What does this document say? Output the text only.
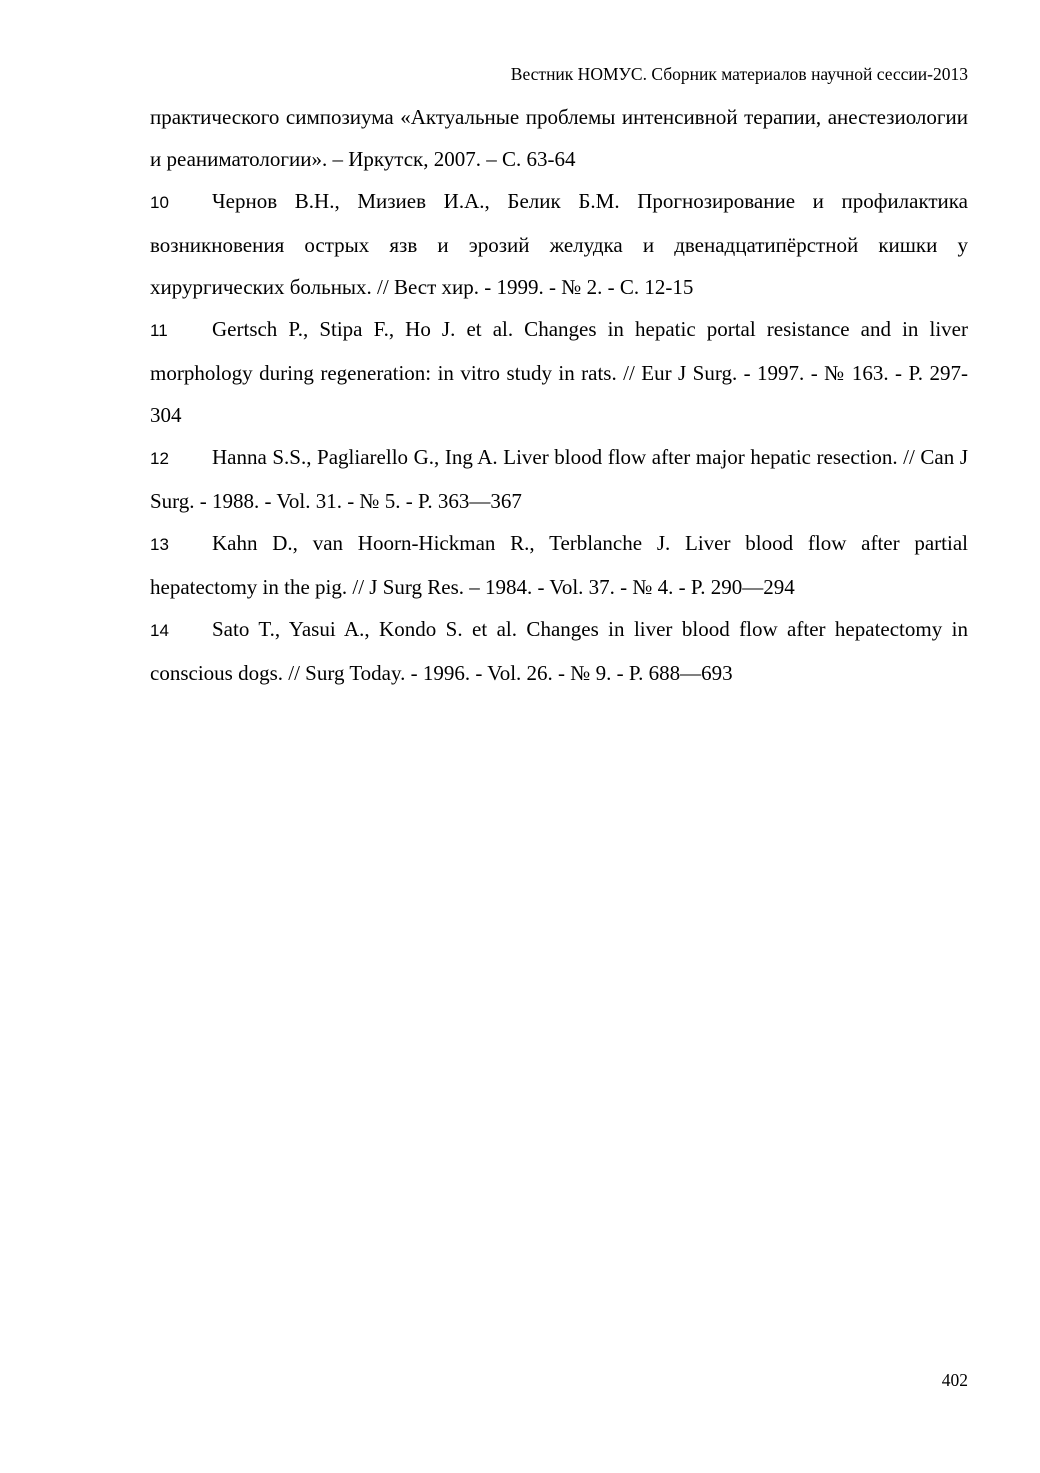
Вестник НОМУС. Сборник материалов научной сессии-2013

практического симпозиума «Актуальные проблемы интенсивной терапии, анестезиологии и реаниматологии». – Иркутск, 2007. – С. 63-64

10 Чернов В.Н., Мизиев И.А., Белик Б.М. Прогнозирование и профилактика возникновения острых язв и эрозий желудка и двенадцатипёрстной кишки у хирургических больных. // Вест хир. - 1999. - № 2. - С. 12-15

11 Gertsch P., Stipa F., Ho J. et al. Changes in hepatic portal resistance and in liver morphology during regeneration: in vitro study in rats. // Eur J Surg. - 1997. - № 163. - P. 297-304

12 Hanna S.S., Pagliarello G., Ing A. Liver blood flow after major hepatic resection. // Can J Surg. - 1988. - Vol. 31. - № 5. - P. 363—367

13 Kahn D., van Hoorn-Hickman R., Terblanche J. Liver blood flow after partial hepatectomy in the pig. // J Surg Res. – 1984. - Vol. 37. - № 4. - P. 290—294

14 Sato T., Yasui A., Kondo S. et al. Changes in liver blood flow after hepatectomy in conscious dogs. // Surg Today. - 1996. - Vol. 26. - № 9. - P. 688—693

402
